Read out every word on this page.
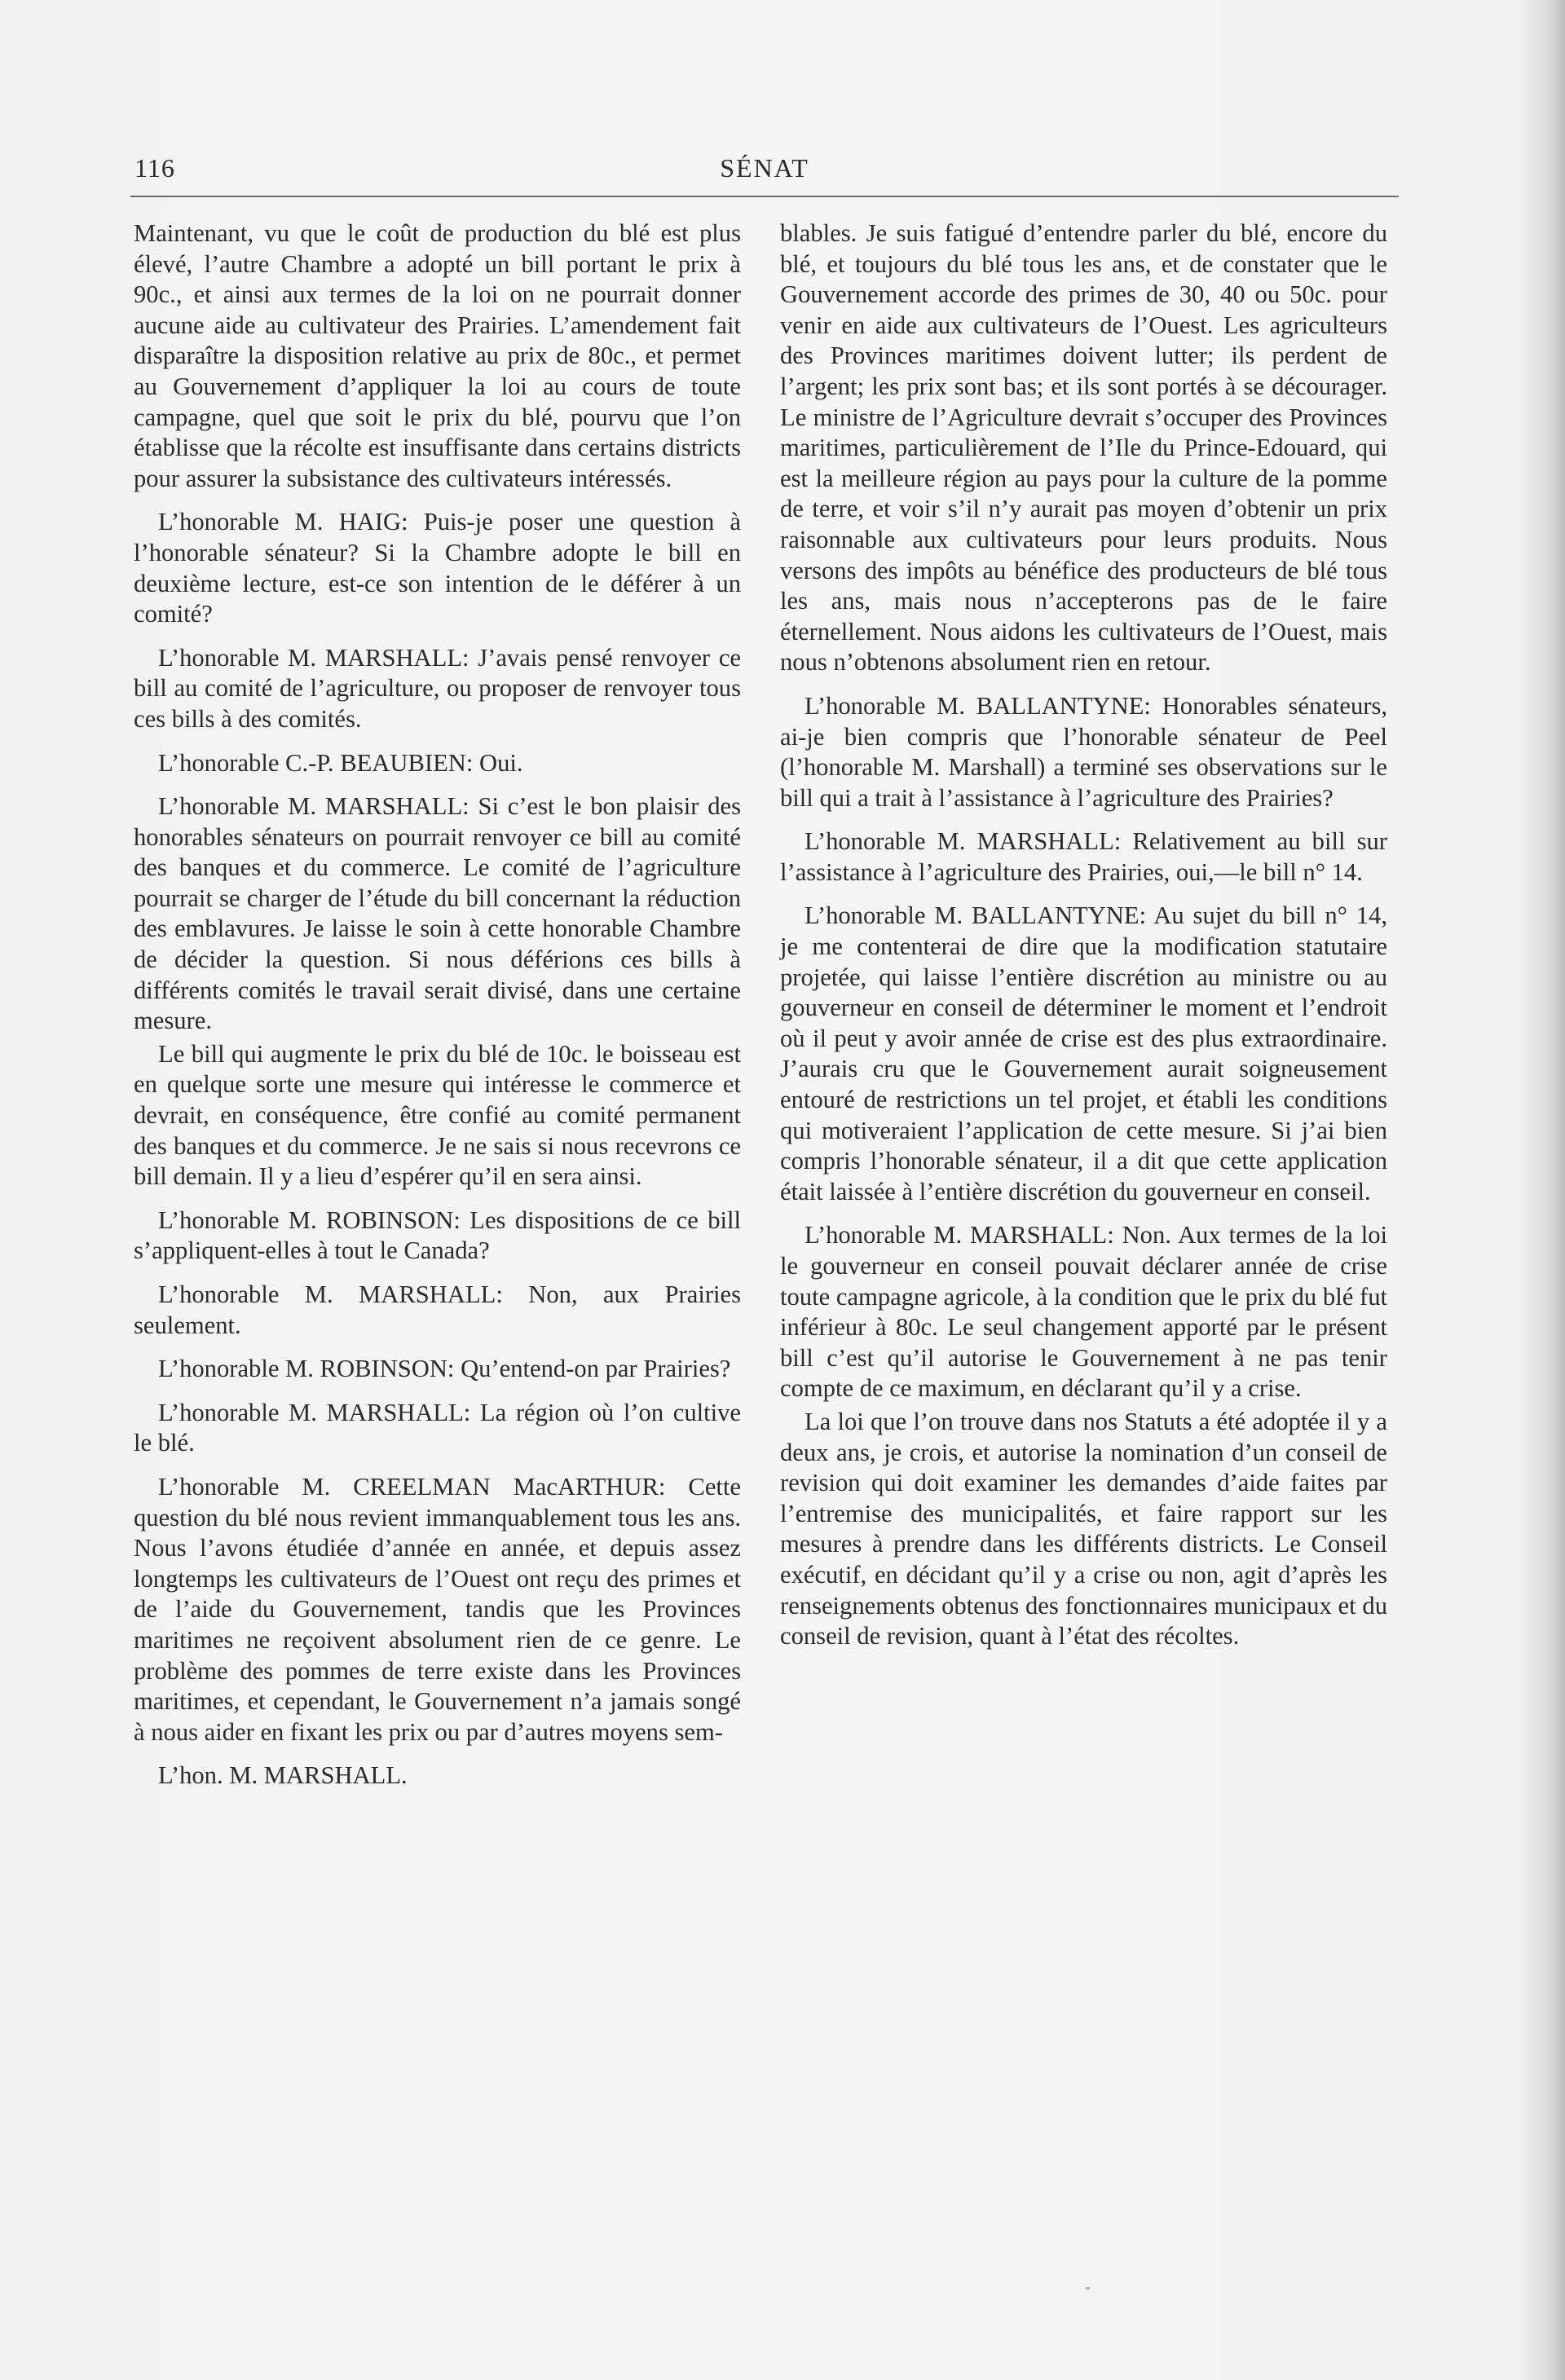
116	SÉNAT

Maintenant, vu que le coût de production du blé est plus élevé, l’autre Chambre a adopté un bill portant le prix à 90c., et ainsi aux termes de la loi on ne pourrait donner aucune aide au cultivateur des Prairies. L’amendement fait disparaître la disposition relative au prix de 80c., et permet au Gouvernement d’appliquer la loi au cours de toute campagne, quel que soit le prix du blé, pourvu que l’on établisse que la récolte est insuffisante dans certains districts pour assurer la subsistance des cultivateurs intéressés.

L’honorable M. HAIG: Puis-je poser une question à l’honorable sénateur? Si la Chambre adopte le bill en deuxième lecture, est-ce son intention de le déférer à un comité?

L’honorable M. MARSHALL: J’avais pensé renvoyer ce bill au comité de l’agriculture, ou proposer de renvoyer tous ces bills à des comités.

L’honorable C.-P. BEAUBIEN: Oui.

L’honorable M. MARSHALL: Si c’est le bon plaisir des honorables sénateurs on pourrait renvoyer ce bill au comité des banques et du commerce. Le comité de l’agriculture pourrait se charger de l’étude du bill concernant la réduction des emblavures. Je laisse le soin à cette honorable Chambre de décider la question. Si nous déférions ces bills à différents comités le travail serait divisé, dans une certaine mesure.

Le bill qui augmente le prix du blé de 10c. le boisseau est en quelque sorte une mesure qui intéresse le commerce et devrait, en conséquence, être confié au comité permanent des banques et du commerce. Je ne sais si nous recevrons ce bill demain. Il y a lieu d’espérer qu’il en sera ainsi.

L’honorable M. ROBINSON: Les dispositions de ce bill s’appliquent-elles à tout le Canada?

L’honorable M. MARSHALL: Non, aux Prairies seulement.

L’honorable M. ROBINSON: Qu’entend-on par Prairies?

L’honorable M. MARSHALL: La région où l’on cultive le blé.

L’honorable M. CREELMAN MacARTHUR: Cette question du blé nous revient immanquablement tous les ans. Nous l’avons étudiée d’année en année, et depuis assez longtemps les cultivateurs de l’Ouest ont reçu des primes et de l’aide du Gouvernement, tandis que les Provinces maritimes ne reçoivent absolument rien de ce genre. Le problème des pommes de terre existe dans les Provinces maritimes, et cependant, le Gouvernement n’a jamais songé à nous aider en fixant les prix ou par d’autres moyens sem-

L’hon. M. MARSHALL.

blables. Je suis fatigué d’entendre parler du blé, encore du blé, et toujours du blé tous les ans, et de constater que le Gouvernement accorde des primes de 30, 40 ou 50c. pour venir en aide aux cultivateurs de l’Ouest. Les agriculteurs des Provinces maritimes doivent lutter; ils perdent de l’argent; les prix sont bas; et ils sont portés à se décourager. Le ministre de l’Agriculture devrait s’occuper des Provinces maritimes, particulièrement de l’Ile du Prince-Edouard, qui est la meilleure région au pays pour la culture de la pomme de terre, et voir s’il n’y aurait pas moyen d’obtenir un prix raisonnable aux cultivateurs pour leurs produits. Nous versons des impôts au bénéfice des producteurs de blé tous les ans, mais nous n’accepterons pas de le faire éternellement. Nous aidons les cultivateurs de l’Ouest, mais nous n’obtenons absolument rien en retour.

L’honorable M. BALLANTYNE: Honorables sénateurs, ai-je bien compris que l’honorable sénateur de Peel (l’honorable M. Marshall) a terminé ses observations sur le bill qui a trait à l’assistance à l’agriculture des Prairies?

L’honorable M. MARSHALL: Relativement au bill sur l’assistance à l’agriculture des Prairies, oui,—le bill n° 14.

L’honorable M. BALLANTYNE: Au sujet du bill n° 14, je me contenterai de dire que la modification statutaire projetée, qui laisse l’entière discrétion au ministre ou au gouverneur en conseil de déterminer le moment et l’endroit où il peut y avoir année de crise est des plus extraordinaire. J’aurais cru que le Gouvernement aurait soigneusement entouré de restrictions un tel projet, et établi les conditions qui motiveraient l’application de cette mesure. Si j’ai bien compris l’honorable sénateur, il a dit que cette application était laissée à l’entière discrétion du gouverneur en conseil.

L’honorable M. MARSHALL: Non. Aux termes de la loi le gouverneur en conseil pouvait déclarer année de crise toute campagne agricole, à la condition que le prix du blé fut inférieur à 80c. Le seul changement apporté par le présent bill c’est qu’il autorise le Gouvernement à ne pas tenir compte de ce maximum, en déclarant qu’il y a crise.

La loi que l’on trouve dans nos Statuts a été adoptée il y a deux ans, je crois, et autorise la nomination d’un conseil de revision qui doit examiner les demandes d’aide faites par l’entremise des municipalités, et faire rapport sur les mesures à prendre dans les différents districts. Le Conseil exécutif, en décidant qu’il y a crise ou non, agit d’après les renseignements obtenus des fonctionnaires municipaux et du conseil de revision, quant à l’état des récoltes.
